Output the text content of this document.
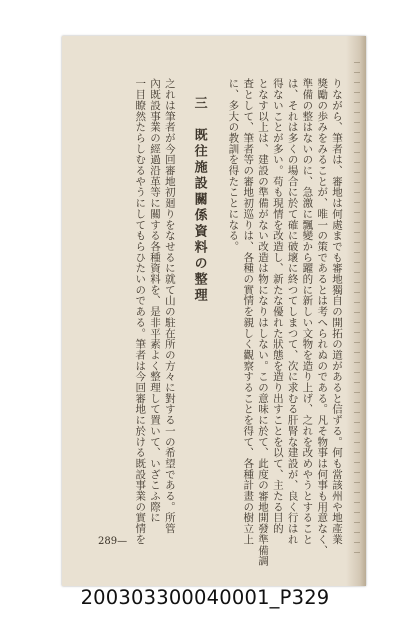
りながら、筆者は、審地は何處までも審地獨自の開拓の道があると信ずる。何も當該州や地產業
獎勵の歩みをみることが、唯一の策であるとは考へられぬのである。凡そ物事は何事も用意なく、
準備の整はないのに、急激に飄變から躍的に新しい文物を造り上げ、之れを改めやうとすること
は、それは多くの場合に於て確に破壞に終つてしまつて、次に求むる肝腎な建設が、良く行はれ
得ないことが多い。苟も現情を改造し、新たな優れた狀態を造り出すことを以て、主たる目的
となす以上は、建設の準備がない改造は物になりはしない。この意味に於て、此度の審地開發準備調
査として、筆者等の審地初巡りは、各種の實情を親しく觀察することを得て、各種計畫の樹立上
に、多大の教訓を得たことになる。
三　既往施設關係資料の整理
之れは筆者が今回審地初廻りをなせるに就て山の駐在所の方々に對する一の希望である。所管
內既設事業の經過沿革等に關する各種資料を、是非平素よく整理して置いて、いざこふ際に
一目瞭然たらしむるやうにしてもらひたいのである。筆者は今回審地に於ける既設事業の實情を
289—
200303300040001_P329
